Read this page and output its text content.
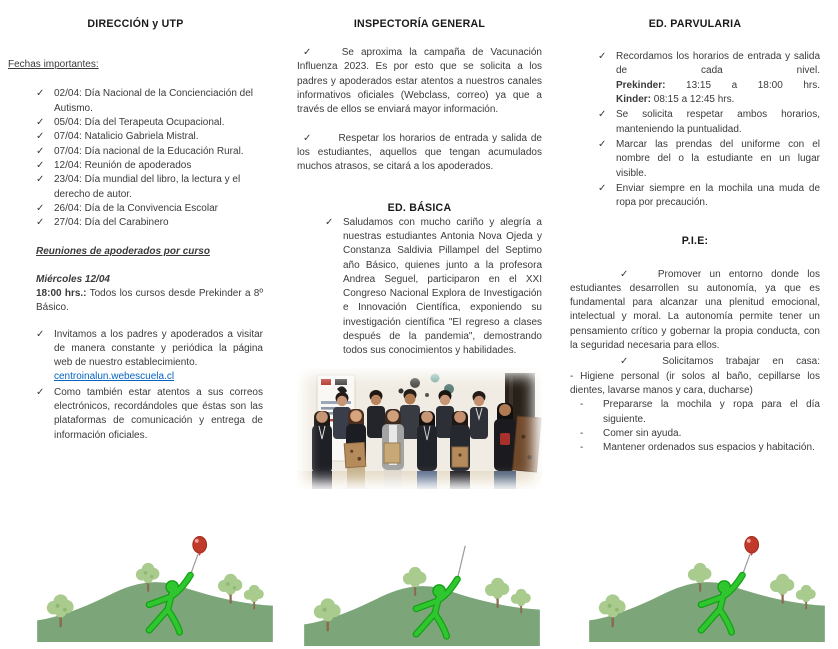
DIRECCIÓN y UTP
Fechas importantes:
✓ 02/04: Día Nacional de la Concienciación del Autismo.
✓ 05/04: Día del Terapeuta Ocupacional.
✓ 07/04: Natalicio Gabriela Mistral.
✓ 07/04: Día nacional de la Educación Rural.
✓ 12/04: Reunión de apoderados
✓ 23/04: Día mundial del libro, la lectura y el derecho de autor.
✓ 26/04: Día de la Convivencia Escolar
✓ 27/04: Día del Carabinero
Reuniones de apoderados por curso
Miércoles 12/04

18:00 hrs.: Todos los cursos desde Prekinder a 8º Básico.

✓ Invitamos a los padres y apoderados a visitar de manera constante y periódica la página web de nuestro establecimiento.
centroinalun.webescuela.cl
✓ Como también estar atentos a sus correos electrónicos, recordándoles que éstas son las plataformas de comunicación y entrega de información oficiales.
INSPECTORÍA GENERAL

✓	Se aproxima la campaña de Vacunación Influenza 2023. Es por esto que se solicita a los padres y apoderados estar atentos a nuestros canales informativos oficiales (Webclass, correo) ya que a través de ellos se enviará mayor información.

✓	Respetar los horarios de entrada y salida de los estudiantes, aquellos que tengan acumulados muchos atrasos, se citará a los apoderados.

ED. BÁSICA
✓ Saludamos con mucho cariño y alegría a nuestras estudiantes Antonia Nova Ojeda y Constanza Saldivia Pillampel del Septimo año Básico, quienes junto a la profesora Andrea Seguel, participaron en el XXI Congreso Nacional Explora de Investigación e Innovación Científica, exponiendo su investigación científica "El regreso a clases después de la pandemia", demostrando todos sus conocimientos y habilidades.
ED. PARVULARIA
✓ Recordamos los horarios de entrada y salida de cada nivel.
Prekinder: 13:15 a 18:00 hrs.
Kinder: 08:15 a 12:45 hrs.
✓ Se solicita respetar ambos horarios, manteniendo la puntualidad.
✓ Marcar las prendas del uniforme con el nombre del o la estudiante en un lugar visible.
✓ Enviar siempre en la mochila una muda de ropa por precaución.
P.I.E:

✓ Promover un entorno donde los estudiantes desarrollen su autonomía, ya que es fundamental para alcanzar una plenitud emocional, intelectual y moral. La autonomía permite tener un pensamiento crítico y gobernar la propia conducta, con la seguridad necesaria para ellos.

✓ Solicitamos trabajar en casa:

- Higiene personal (ir solos al baño, cepillarse los dientes, lavarse manos y cara, ducharse)

-	Prepararse la mochila y ropa para el día siguiente.
-	Comer sin ayuda.
-	Mantener ordenados sus espacios y habitación.
